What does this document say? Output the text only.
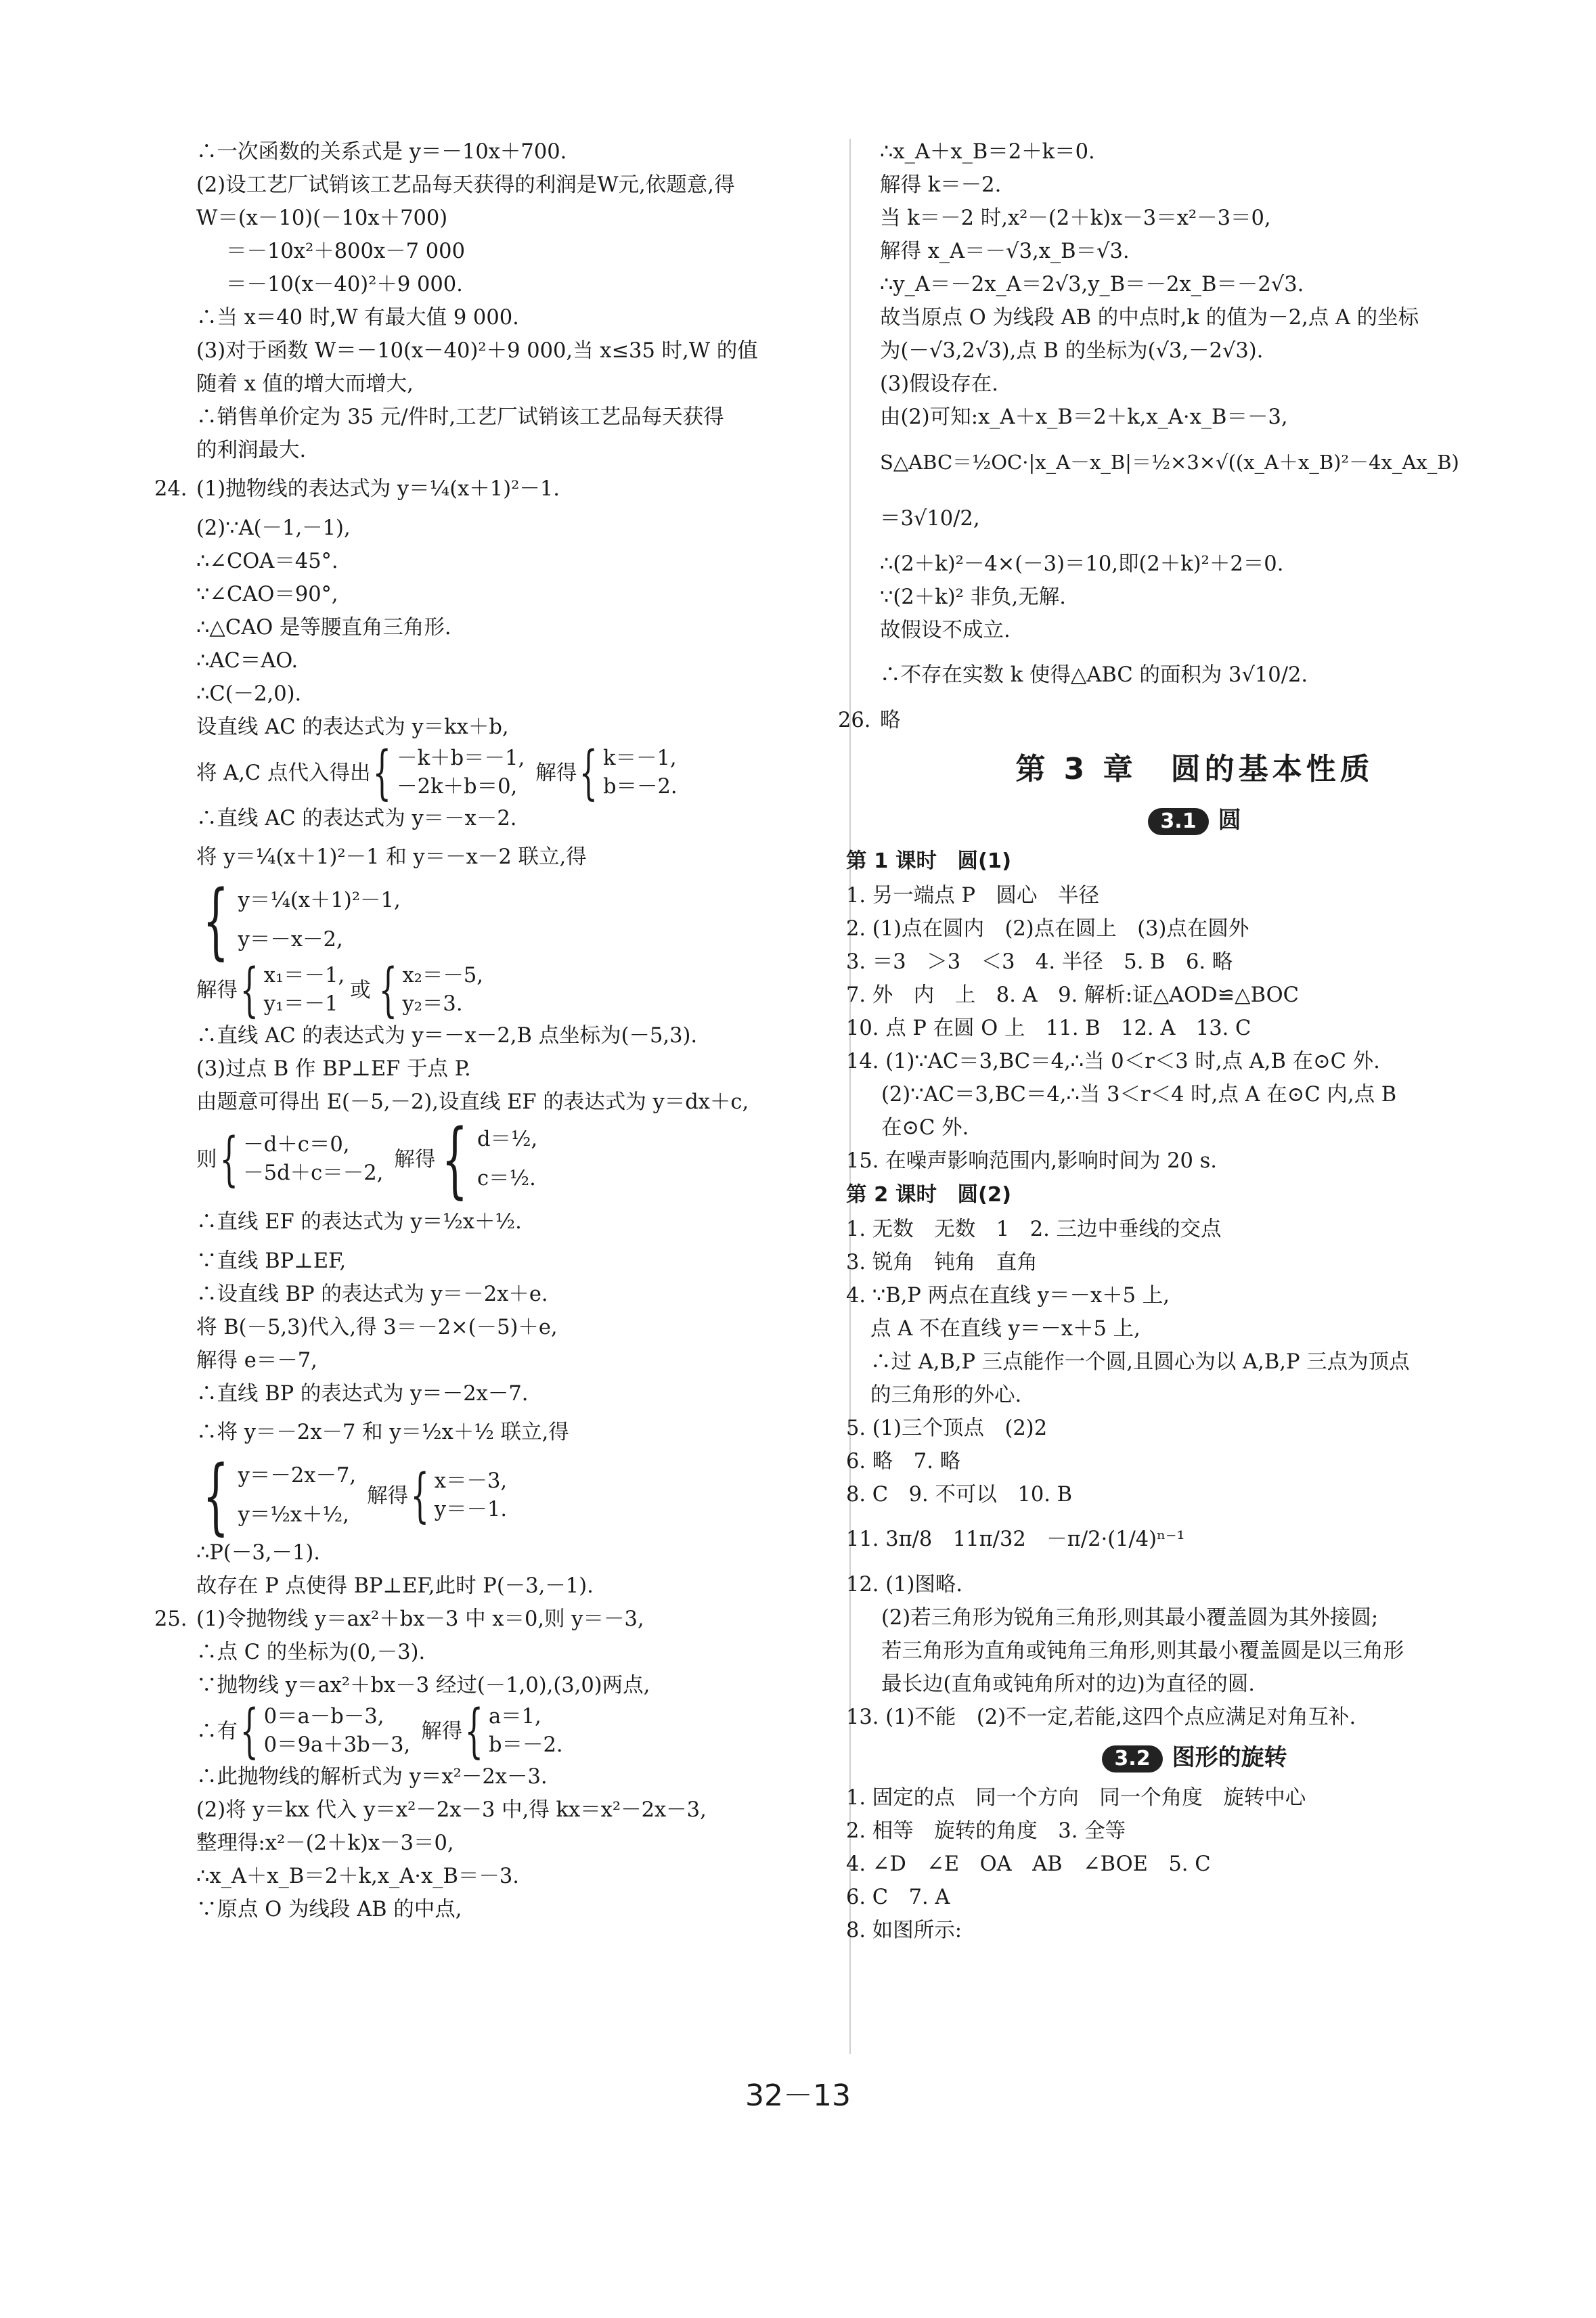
∴一次函数的关系式是 y＝－10x＋700.
(2)设工艺厂试销该工艺品每天获得的利润是W元,依题意,得
W＝(x－10)(－10x＋700)
＝－10x²＋800x－7 000
＝－10(x－40)²＋9 000.
∴当 x＝40 时,W 有最大值 9 000.
(3)对于函数 W＝－10(x－40)²＋9 000,当 x≤35 时,W 的值
随着 x 值的增大而增大,
∴销售单价定为 35 元/件时,工艺厂试销该工艺品每天获得
的利润最大.
24. (1)抛物线的表达式为 y＝¼(x＋1)²－1.
(2)∵A(－1,－1),
∴∠COA＝45°.
∵∠CAO＝90°,
∴△CAO 是等腰直角三角形.
∴AC＝AO.
∴C(－2,0).
设直线 AC 的表达式为 y＝kx＋b,
将 A,C 点代入得出 { －k＋b＝－1,
－2k＋b＝0,
解得 { k＝－1,
b＝－2.
∴直线 AC 的表达式为 y＝－x－2.
将 y＝¼(x＋1)²－1 和 y＝－x－2 联立,得
{ y＝¼(x＋1)²－1,
y＝－x－2,
解得 { x₁＝－1,
y₁＝－1
或 { x₂＝－5,
y₂＝3.
∴直线 AC 的表达式为 y＝－x－2,B 点坐标为(－5,3).
(3)过点 B 作 BP⊥EF 于点 P.
由题意可得出 E(－5,－2),设直线 EF 的表达式为 y＝dx＋c,
则 { －d＋c＝0,
－5d＋c＝－2,
解得 { d＝½,
c＝½.
∴直线 EF 的表达式为 y＝½x＋½.
∵直线 BP⊥EF,
∴设直线 BP 的表达式为 y＝－2x＋e.
将 B(－5,3)代入,得 3＝－2×(－5)＋e,
解得 e＝－7,
∴直线 BP 的表达式为 y＝－2x－7.
∴将 y＝－2x－7 和 y＝½x＋½ 联立,得
{ y＝－2x－7,
y＝½x＋½,
解得 { x＝－3,
y＝－1.
∴P(－3,－1).
故存在 P 点使得 BP⊥EF,此时 P(－3,－1).
25. (1)令抛物线 y＝ax²＋bx－3 中 x＝0,则 y＝－3,
∴点 C 的坐标为(0,－3).
∵抛物线 y＝ax²＋bx－3 经过(－1,0),(3,0)两点,
∴有 { 0＝a－b－3,
0＝9a＋3b－3,
解得 { a＝1,
b＝－2.
∴此抛物线的解析式为 y＝x²－2x－3.
(2)将 y＝kx 代入 y＝x²－2x－3 中,得 kx＝x²－2x－3,
整理得:x²－(2＋k)x－3＝0,
∴x_A＋x_B＝2＋k,x_A·x_B＝－3.
∵原点 O 为线段 AB 的中点,
∴x_A＋x_B＝2＋k＝0.
解得 k＝－2.
当 k＝－2 时,x²－(2＋k)x－3＝x²－3＝0,
解得 x_A＝－√3,x_B＝√3.
∴y_A＝－2x_A＝2√3,y_B＝－2x_B＝－2√3.
故当原点 O 为线段 AB 的中点时,k 的值为－2,点 A 的坐标
为(－√3,2√3),点 B 的坐标为(√3,－2√3).
(3)假设存在.
由(2)可知:x_A＋x_B＝2＋k,x_A·x_B＝－3,
S△ABC＝½OC·|x_A－x_B|＝½×3×√((x_A＋x_B)²－4x_Ax_B)
＝3√10/2,
∴(2＋k)²－4×(－3)＝10,即(2＋k)²＋2＝0.
∵(2＋k)² 非负,无解.
故假设不成立.
∴不存在实数 k 使得△ABC 的面积为 3√10/2.
26. 略
第 3 章　圆的基本性质
3.1 圆
第 1 课时　圆(1)
1. 另一端点 P　圆心　半径
2. (1)点在圆内　(2)点在圆上　(3)点在圆外
3. ＝3　＞3　＜3　4. 半径　5. B　6. 略
7. 外　内　上　8. A　9. 解析:证△AOD≌△BOC
10. 点 P 在圆 O 上　11. B　12. A　13. C
14. (1)∵AC＝3,BC＝4,∴当 0＜r＜3 时,点 A,B 在⊙C 外.
(2)∵AC＝3,BC＝4,∴当 3＜r＜4 时,点 A 在⊙C 内,点 B
在⊙C 外.
15. 在噪声影响范围内,影响时间为 20 s.
第 2 课时　圆(2)
1. 无数　无数　1　2. 三边中垂线的交点
3. 锐角　钝角　直角
4. ∵B,P 两点在直线 y＝－x＋5 上,
点 A 不在直线 y＝－x＋5 上,
∴过 A,B,P 三点能作一个圆,且圆心为以 A,B,P 三点为顶点
的三角形的外心.
5. (1)三个顶点　(2)2
6. 略　7. 略
8. C　9. 不可以　10. B
11. 3π/8　11π/32　－π/2·(1/4)ⁿ⁻¹
12. (1)图略.
(2)若三角形为锐角三角形,则其最小覆盖圆为其外接圆;
若三角形为直角或钝角三角形,则其最小覆盖圆是以三角形
最长边(直角或钝角所对的边)为直径的圆.
13. (1)不能　(2)不一定,若能,这四个点应满足对角互补.
3.2 图形的旋转
1. 固定的点　同一个方向　同一个角度　旋转中心
2. 相等　旋转的角度　3. 全等
4. ∠D　∠E　OA　AB　∠BOE　5. C
6. C　7. A
8. 如图所示:
32－13
